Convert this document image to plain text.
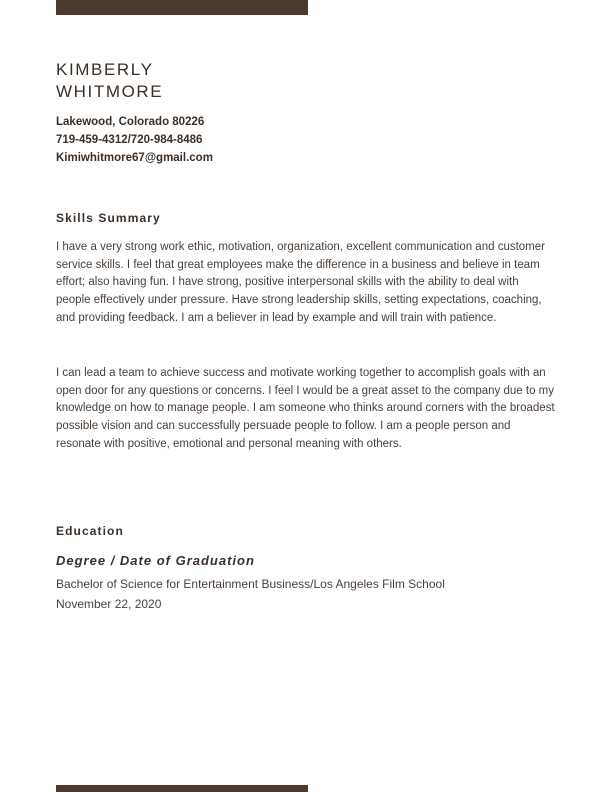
KIMBERLY
WHITMORE
Lakewood, Colorado 80226
719-459-4312/720-984-8486
Kimiwhitmore67@gmail.com
Skills Summary
I have a very strong work ethic, motivation, organization, excellent communication and customer service skills. I feel that great employees make the difference in a business and believe in team effort; also having fun. I have strong, positive interpersonal skills with the ability to deal with people effectively under pressure. Have strong leadership skills, setting expectations, coaching, and providing feedback. I am a believer in lead by example and will train with patience.
I can lead a team to achieve success and motivate working together to accomplish goals with an open door for any questions or concerns. I feel I would be a great asset to the company due to my knowledge on how to manage people. I am someone who thinks around corners with the broadest possible vision and can successfully persuade people to follow. I am a people person and resonate with positive, emotional and personal meaning with others.
Education
Degree / Date of Graduation
Bachelor of Science for Entertainment Business/Los Angeles Film School
November 22, 2020
